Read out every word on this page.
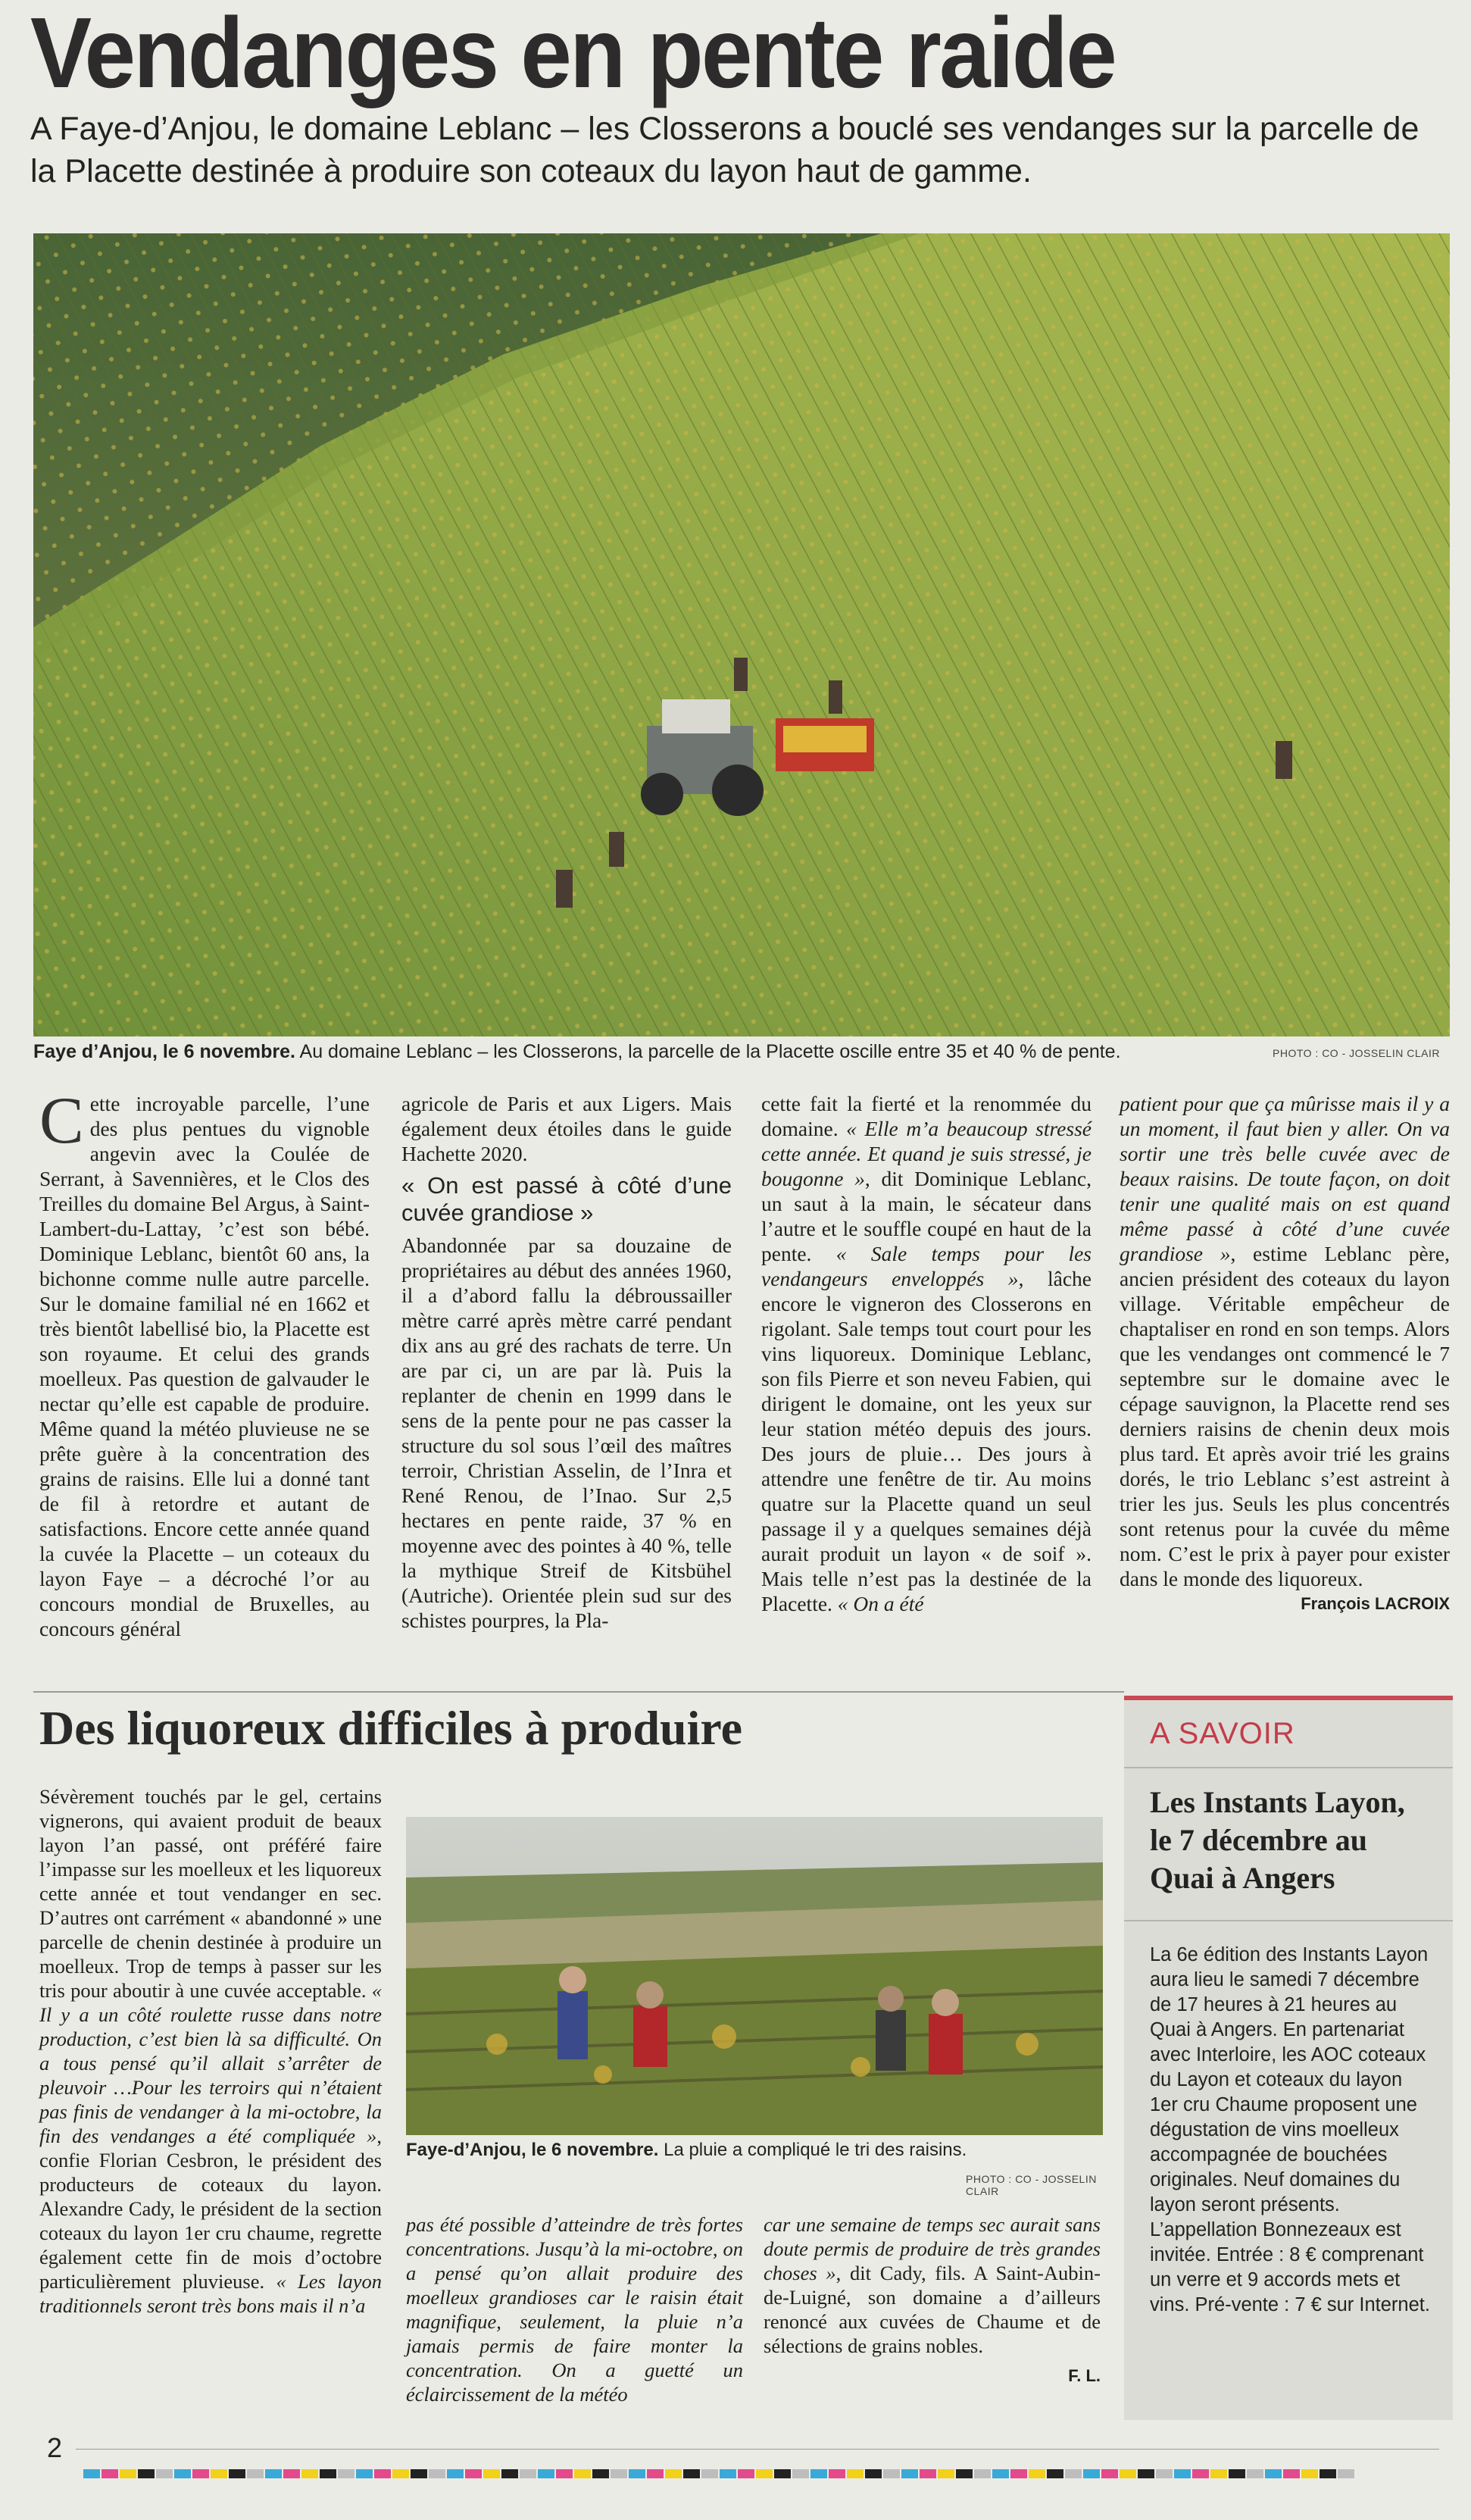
Vendanges en pente raide
A Faye-d’Anjou, le domaine Leblanc – les Closserons a bouclé ses vendanges sur la parcelle de la Placette destinée à produire son coteaux du layon haut de gamme.
Faye d’Anjou, le 6 novembre. Au domaine Leblanc – les Closserons, la parcelle de la Placette oscille entre 35 et 40 % de pente.	PHOTO : CO - JOSSELIN CLAIR
C ette incroyable parcelle, l’une des plus pentues du vignoble angevin avec la Coulée de Serrant, à Savennières, et le Clos des Treilles du domaine Bel Argus, à Saint-Lambert-du-Lattay, ’c’est son bébé. Dominique Leblanc, bientôt 60 ans, la bichonne comme nulle autre parcelle. Sur le domaine familial né en 1662 et très bientôt labellisé bio, la Placette est son royaume. Et celui des grands moelleux. Pas question de galvauder le nectar qu’elle est capable de produire. Même quand la météo pluvieuse ne se prête guère à la concentration des grains de raisins. Elle lui a donné tant de fil à retordre et autant de satisfactions. Encore cette année quand la cuvée la Placette – un coteaux du layon Faye – a décroché l’or au concours mondial de Bruxelles, au concours général

agricole de Paris et aux Ligers. Mais également deux étoiles dans le guide Hachette 2020.

« On est passé à côté d’une cuvée grandiose »

Abandonnée par sa douzaine de propriétaires au début des années 1960, il a d’abord fallu la débroussailler mètre carré après mètre carré pendant dix ans au gré des rachats de terre. Un are par ci, un are par là. Puis la replanter de chenin en 1999 dans le sens de la pente pour ne pas casser la structure du sol sous l’œil des maîtres terroir, Christian Asselin, de l’Inra et René Renou, de l’Inao. Sur 2,5 hectares en pente raide, 37 % en moyenne avec des pointes à 40 %, telle la mythique Streif de Kitsbühel (Autriche). Orientée plein sud sur des schistes pourpres, la Pla-

cette fait la fierté et la renommée du domaine. « Elle m’a beaucoup stressé cette année. Et quand je suis stressé, je bougonne », dit Dominique Leblanc, un saut à la main, le sécateur dans l’autre et le souffle coupé en haut de la pente. « Sale temps pour les vendangeurs enveloppés », lâche encore le vigneron des Closserons en rigolant. Sale temps tout court pour les vins liquoreux. Dominique Leblanc, son fils Pierre et son neveu Fabien, qui dirigent le domaine, ont les yeux sur leur station météo depuis des jours. Des jours de pluie… Des jours à attendre une fenêtre de tir. Au moins quatre sur la Placette quand un seul passage il y a quelques semaines déjà aurait produit un layon « de soif ». Mais telle n’est pas la destinée de la Placette. « On a été
patient pour que ça mûrisse mais il y a un moment, il faut bien y aller. On va sortir une très belle cuvée avec de beaux raisins. De toute façon, on doit tenir une qualité mais on est quand même passé à côté d’une cuvée grandiose », estime Leblanc père, ancien président des coteaux du layon village. Véritable empêcheur de chaptaliser en rond en son temps. Alors que les vendanges ont commencé le 7 septembre sur le domaine avec le cépage sauvignon, la Placette rend ses derniers raisins de chenin deux mois plus tard. Et après avoir trié les grains dorés, le trio Leblanc s’est astreint à trier les jus. Seuls les plus concentrés sont retenus pour la cuvée du même nom. C’est le prix à payer pour exister dans le monde des liquoreux.
François LACROIX
Des liquoreux difficiles à produire
Sévèrement touchés par le gel, certains vignerons, qui avaient produit de beaux layon l’an passé, ont préféré faire l’impasse sur les moelleux et les liquoreux cette année et tout vendanger en sec. D’autres ont carrément « abandonné » une parcelle de chenin destinée à produire un moelleux. Trop de temps à passer sur les tris pour aboutir à une cuvée acceptable. « Il y a un côté roulette russe dans notre production, c’est bien là sa difficulté. On a tous pensé qu’il allait s’arrêter de pleuvoir …Pour les terroirs qui n’étaient pas finis de vendanger à la mi-octobre, la fin des vendanges a été compliquée », confie Florian Cesbron, le président des producteurs de coteaux du layon. Alexandre Cady, le président de la section coteaux du layon 1er cru chaume, regrette également cette fin de mois d’octobre particulièrement pluvieuse. « Les layon traditionnels seront très bons mais il n’a
Faye-d’Anjou, le 6 novembre. La pluie a compliqué le tri des raisins.
PHOTO : CO - JOSSELIN CLAIR
pas été possible d’atteindre de très fortes concentrations. Jusqu’à la mi-octobre, on a pensé qu’on allait produire des moelleux grandioses car le raisin était magnifique, seulement, la pluie n’a jamais permis de faire monter la concentration. On a guetté un éclaircissement de la météo
car une semaine de temps sec aurait sans doute permis de produire de très grandes choses », dit Cady, fils. A Saint-Aubin-de-Luigné, son domaine a d’ailleurs renoncé aux cuvées de Chaume et de sélections de grains nobles.
F. L.
A SAVOIR
Les Instants Layon, le 7 décembre au Quai à Angers
La 6e édition des Instants Layon aura lieu le samedi 7 décembre de 17 heures à 21 heures au Quai à Angers. En partenariat avec Interloire, les AOC coteaux du Layon et coteaux du layon 1er cru Chaume proposent une dégustation de vins moelleux accompagnée de bouchées originales. Neuf domaines du layon seront présents. L’appellation Bonnezeaux est invitée. Entrée : 8 € comprenant un verre et 9 accords mets et vins. Pré-vente : 7 € sur Internet.
2
